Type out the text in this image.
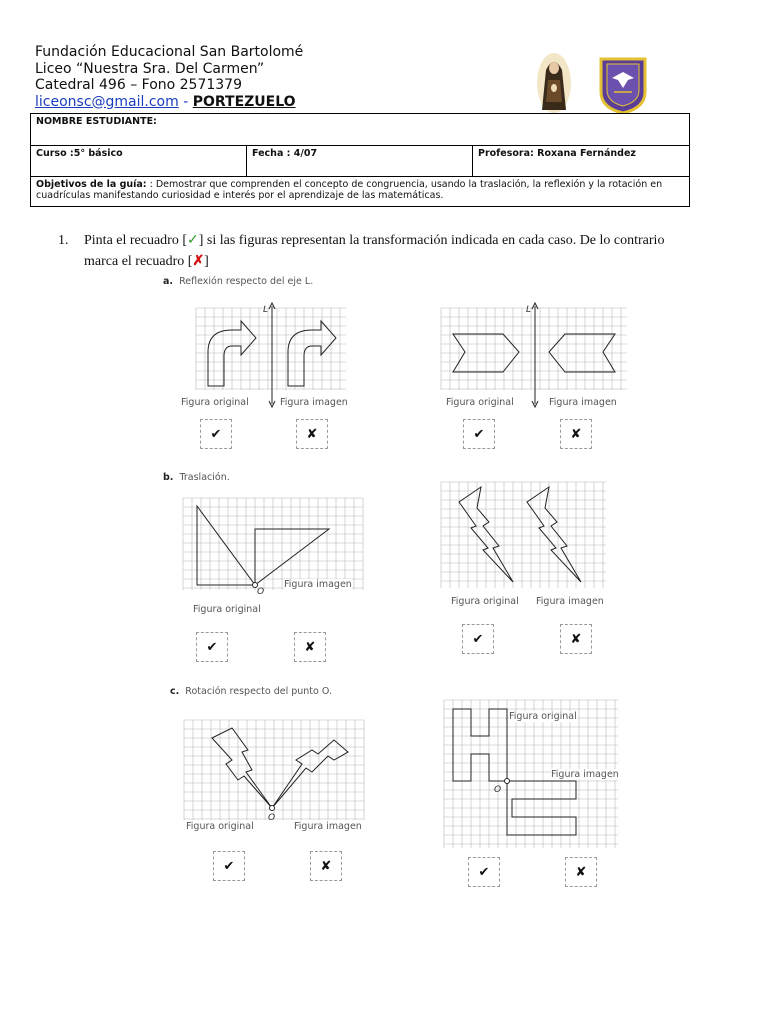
Fundación Educacional San Bartolomé
Liceo “Nuestra Sra. Del Carmen”
Catedral 496 – Fono 2571379
liceonsc@gmail.com - PORTEZUELO
NOMBRE ESTUDIANTE:
Curso :5° básico	Fecha : 4/07	Profesora: Roxana Fernández
Objetivos de la guía: : Demostrar que comprenden el concepto de congruencia, usando la traslación, la reflexión y la rotación en cuadrículas manifestando curiosidad e interés por el aprendizaje de las matemáticas.
1. Pinta el recuadro [✓] si las figuras representan la transformación indicada en cada caso. De lo contrario marca el recuadro [✗]
a. Reflexión respecto del eje L.
b. Traslación.
c. Rotación respecto del punto O.
L
Figura original	Figura imagen
✔	✘
L
Figura original	Figura imagen
✔	✘
O
Figura imagen
Figura original
✔	✘
Figura original Figura imagen
✔	✘
O
Figura original	Figura imagen
✔	✘
O
Figura original
Figura imagen
✔	✘
